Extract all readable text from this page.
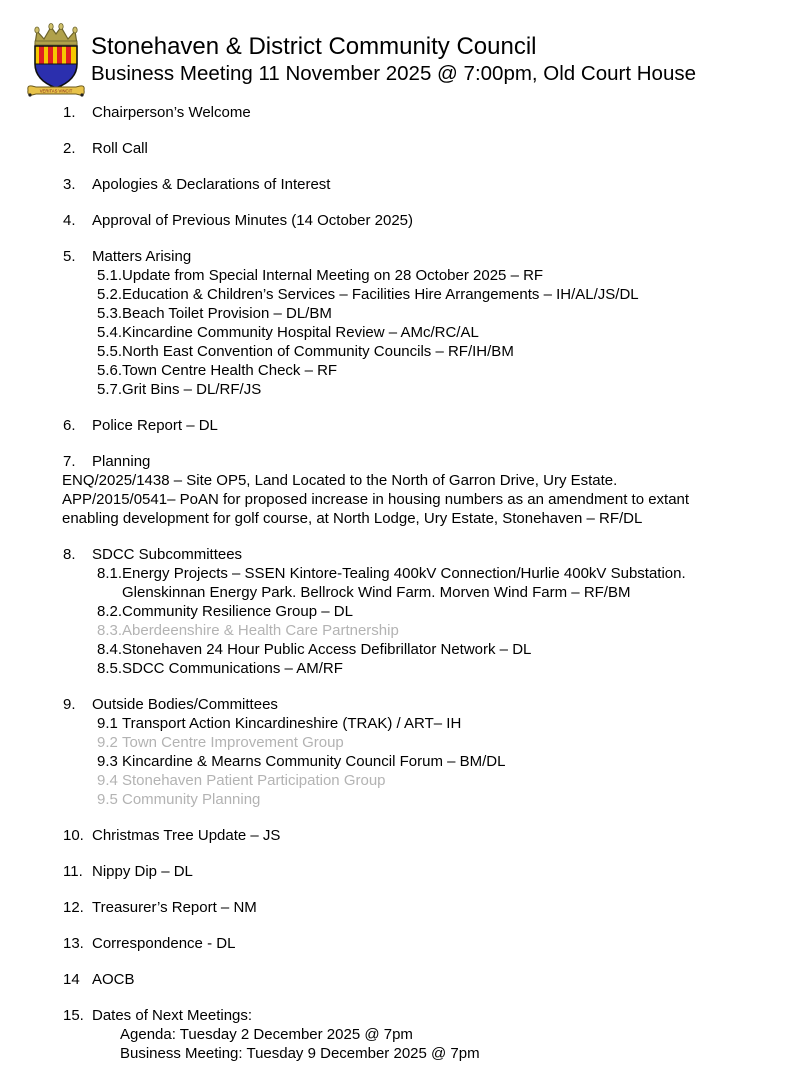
VERITAS VINCIT
Stonehaven & District Community Council
Business Meeting 11 November 2025 @ 7:00pm, Old Court House
1.	Chairperson’s Welcome
2.	Roll Call
3.	Apologies & Declarations of Interest
4.	Approval of Previous Minutes (14 October 2025)
5.	Matters Arising
5.1. Update from Special Internal Meeting on 28 October 2025 – RF
5.2. Education & Children’s Services – Facilities Hire Arrangements – IH/AL/JS/DL
5.3. Beach Toilet Provision – DL/BM
5.4. Kincardine Community Hospital Review – AMc/RC/AL
5.5. North East Convention of Community Councils – RF/IH/BM
5.6. Town Centre Health Check – RF
5.7. Grit Bins – DL/RF/JS
6.	Police Report – DL
7.	Planning
ENQ/2025/1438 – Site OP5, Land Located to the North of Garron Drive, Ury Estate.
APP/2015/0541– PoAN for proposed increase in housing numbers as an amendment to extant
enabling development for golf course, at North Lodge, Ury Estate, Stonehaven – RF/DL
8.	SDCC Subcommittees
8.1. Energy Projects – SSEN Kintore-Tealing 400kV Connection/Hurlie 400kV Substation.
Glenskinnan Energy Park. Bellrock Wind Farm. Morven Wind Farm – RF/BM
8.2. Community Resilience Group – DL
8.3. Aberdeenshire & Health Care Partnership
8.4. Stonehaven 24 Hour Public Access Defibrillator Network – DL
8.5. SDCC Communications – AM/RF
9.	Outside Bodies/Committees
9.1 Transport Action Kincardineshire (TRAK) / ART– IH
9.2 Town Centre Improvement Group
9.3 Kincardine & Mearns Community Council Forum – BM/DL
9.4 Stonehaven Patient Participation Group
9.5 Community Planning
10. Christmas Tree Update – JS
11. Nippy Dip – DL
12. Treasurer’s Report – NM
13. Correspondence - DL
14 AOCB
15. Dates of Next Meetings:
Agenda: Tuesday 2 December 2025 @ 7pm
Business Meeting: Tuesday 9 December 2025 @ 7pm
